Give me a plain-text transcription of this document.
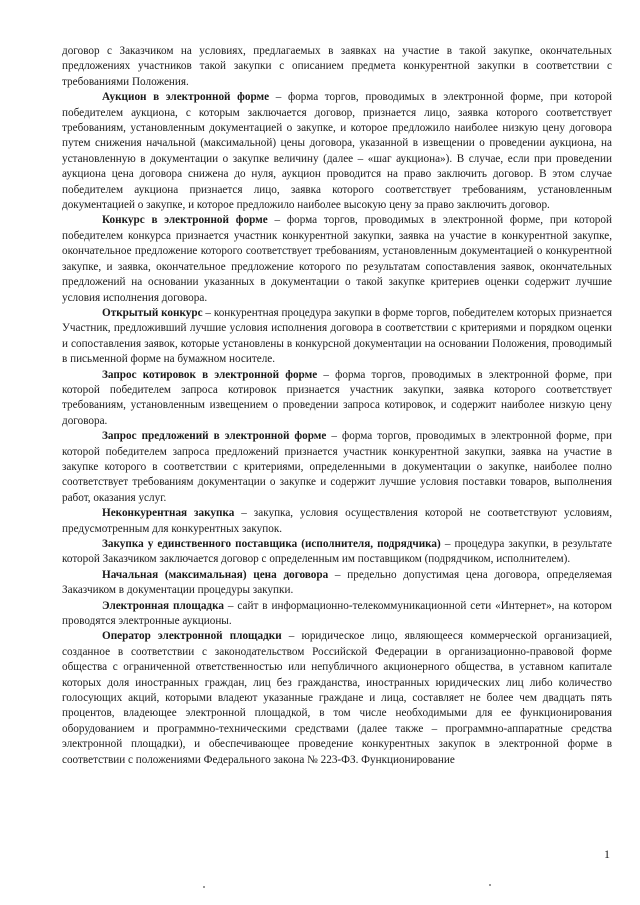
договор с Заказчиком на условиях, предлагаемых в заявках на участие в такой закупке, окончательных предложениях участников такой закупки с описанием предмета конкурентной закупки в соответствии с требованиями Положения.

Аукцион в электронной форме – форма торгов, проводимых в электронной форме, при которой победителем аукциона, с которым заключается договор, признается лицо, заявка которого соответствует требованиям, установленным документацией о закупке, и которое предложило наиболее низкую цену договора путем снижения начальной (максимальной) цены договора, указанной в извещении о проведении аукциона, на установленную в документации о закупке величину (далее – «шаг аукциона»). В случае, если при проведении аукциона цена договора снижена до нуля, аукцион проводится на право заключить договор. В этом случае победителем аукциона признается лицо, заявка которого соответствует требованиям, установленным документацией о закупке, и которое предложило наиболее высокую цену за право заключить договор.

Конкурс в электронной форме – форма торгов, проводимых в электронной форме, при которой победителем конкурса признается участник конкурентной закупки, заявка на участие в конкурентной закупке, окончательное предложение которого соответствует требованиям, установленным документацией о конкурентной закупке, и заявка, окончательное предложение которого по результатам сопоставления заявок, окончательных предложений на основании указанных в документации о такой закупке критериев оценки содержит лучшие условия исполнения договора.

Открытый конкурс – конкурентная процедура закупки в форме торгов, победителем которых признается Участник, предложивший лучшие условия исполнения договора в соответствии с критериями и порядком оценки и сопоставления заявок, которые установлены в конкурсной документации на основании Положения, проводимый в письменной форме на бумажном носителе.

Запрос котировок в электронной форме – форма торгов, проводимых в электронной форме, при которой победителем запроса котировок признается участник закупки, заявка которого соответствует требованиям, установленным извещением о проведении запроса котировок, и содержит наиболее низкую цену договора.

Запрос предложений в электронной форме – форма торгов, проводимых в электронной форме, при которой победителем запроса предложений признается участник конкурентной закупки, заявка на участие в закупке которого в соответствии с критериями, определенными в документации о закупке, наиболее полно соответствует требованиям документации о закупке и содержит лучшие условия поставки товаров, выполнения работ, оказания услуг.

Неконкурентная закупка – закупка, условия осуществления которой не соответствуют условиям, предусмотренным для конкурентных закупок.

Закупка у единственного поставщика (исполнителя, подрядчика) – процедура закупки, в результате которой Заказчиком заключается договор с определенным им поставщиком (подрядчиком, исполнителем).

Начальная (максимальная) цена договора – предельно допустимая цена договора, определяемая Заказчиком в документации процедуры закупки.

Электронная площадка – сайт в информационно-телекоммуникационной сети «Интернет», на котором проводятся электронные аукционы.

Оператор электронной площадки – юридическое лицо, являющееся коммерческой организацией, созданное в соответствии с законодательством Российской Федерации в организационно-правовой форме общества с ограниченной ответственностью или непубличного акционерного общества, в уставном капитале которых доля иностранных граждан, лиц без гражданства, иностранных юридических лиц либо количество голосующих акций, которыми владеют указанные граждане и лица, составляет не более чем двадцать пять процентов, владеющее электронной площадкой, в том числе необходимыми для ее функционирования оборудованием и программно-техническими средствами (далее также – программно-аппаратные средства электронной площадки), и обеспечивающее проведение конкурентных закупок в электронной форме в соответствии с положениями Федерального закона № 223-ФЗ. Функционирование

1
